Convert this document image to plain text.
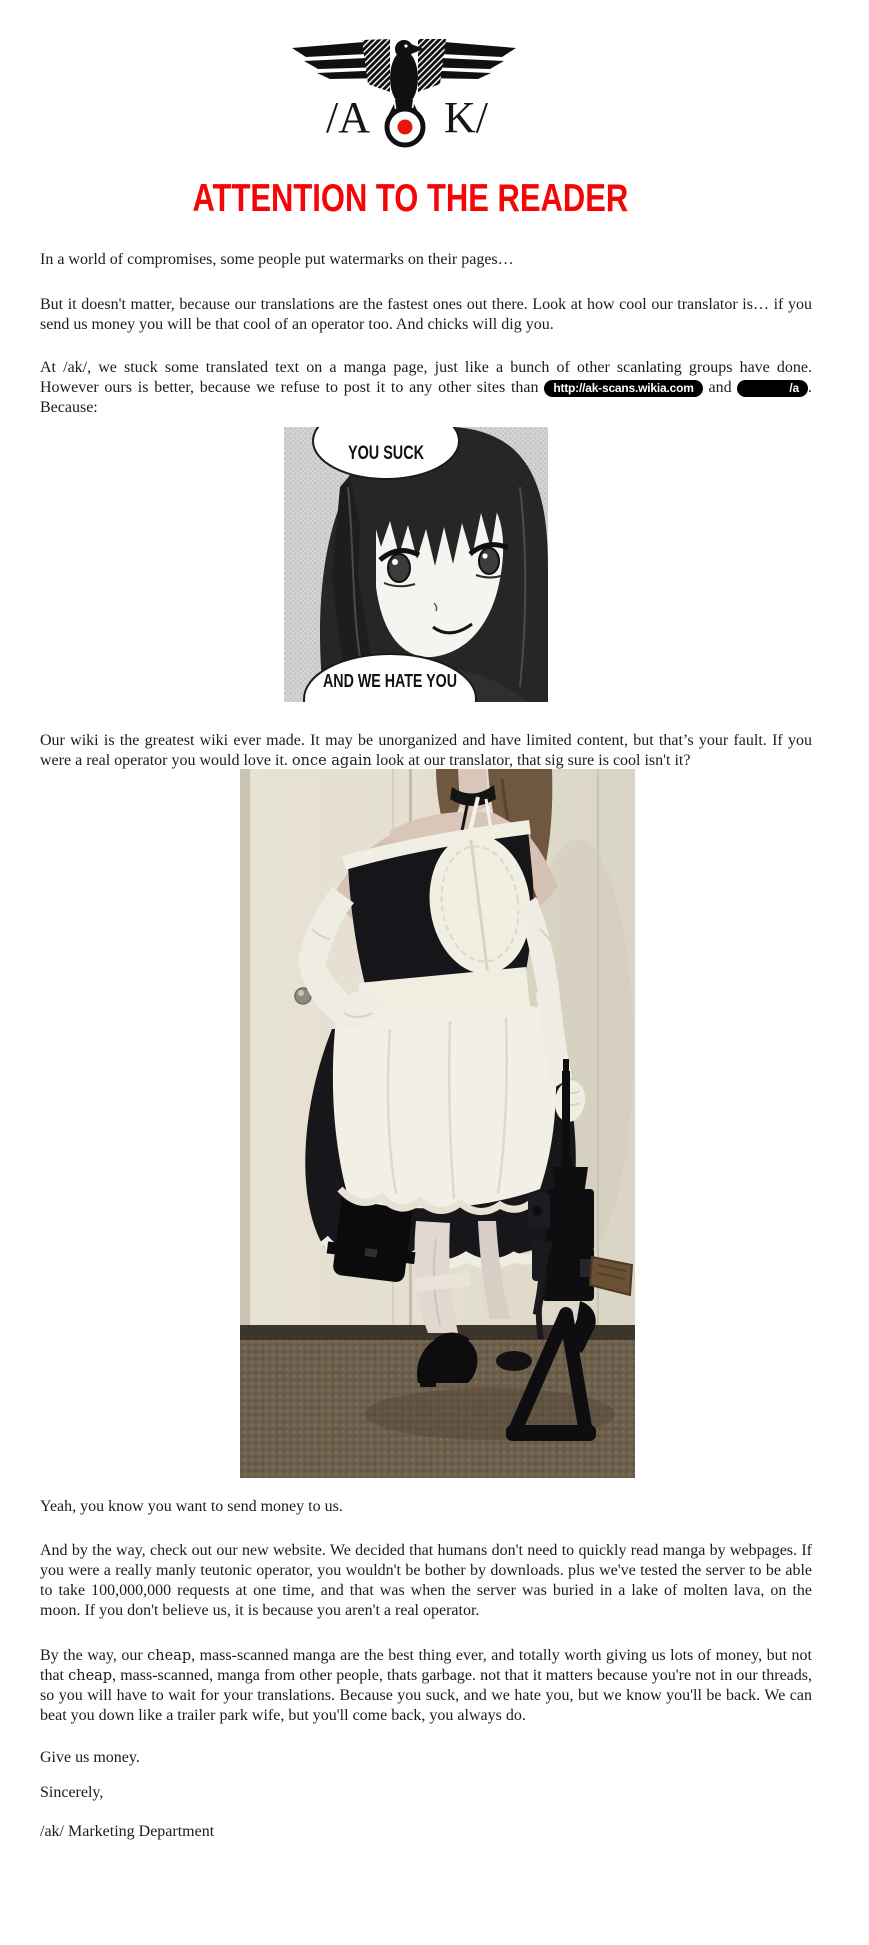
/A K/
ATTENTION TO THE READER

In a world of compromises, some people put watermarks on their pages…

But it doesn't matter, because our translations are the fastest ones out there. Look at how cool our translator is… if you send us money you will be that cool of an operator too. And chicks will dig you.

At /ak/, we stuck some translated text on a manga page, just like a bunch of other scanlating groups have done. However ours is better, because we refuse to post it to any other sites than http://ak-scans.wikia.com and	/a . Because:

YOU SUCK
AND WE HATE YOU

Our wiki is the greatest wiki ever made. It may be unorganized and have limited content, but that’s your fault. If you were a real operator you would love it. once again look at our translator, that sig sure is cool isn't it?

Yeah, you know you want to send money to us.

And by the way, check out our new website. We decided that humans don't need to quickly read manga by webpages. If you were a really manly teutonic operator, you wouldn't be bother by downloads. plus we've tested the server to be able to take 100,000,000 requests at one time, and that was when the server was buried in a lake of molten lava, on the moon. If you don't believe us, it is because you aren't a real operator.

By the way, our cheap, mass-scanned manga are the best thing ever, and totally worth giving us lots of money, but not that cheap, mass-scanned, manga from other people, thats garbage. not that it matters because you're not in our threads, so you will have to wait for your translations. Because you suck, and we hate you, but we know you'll be back. We can beat you down like a trailer park wife, but you'll come back, you always do.

Give us money.

Sincerely,

/ak/ Marketing Department
